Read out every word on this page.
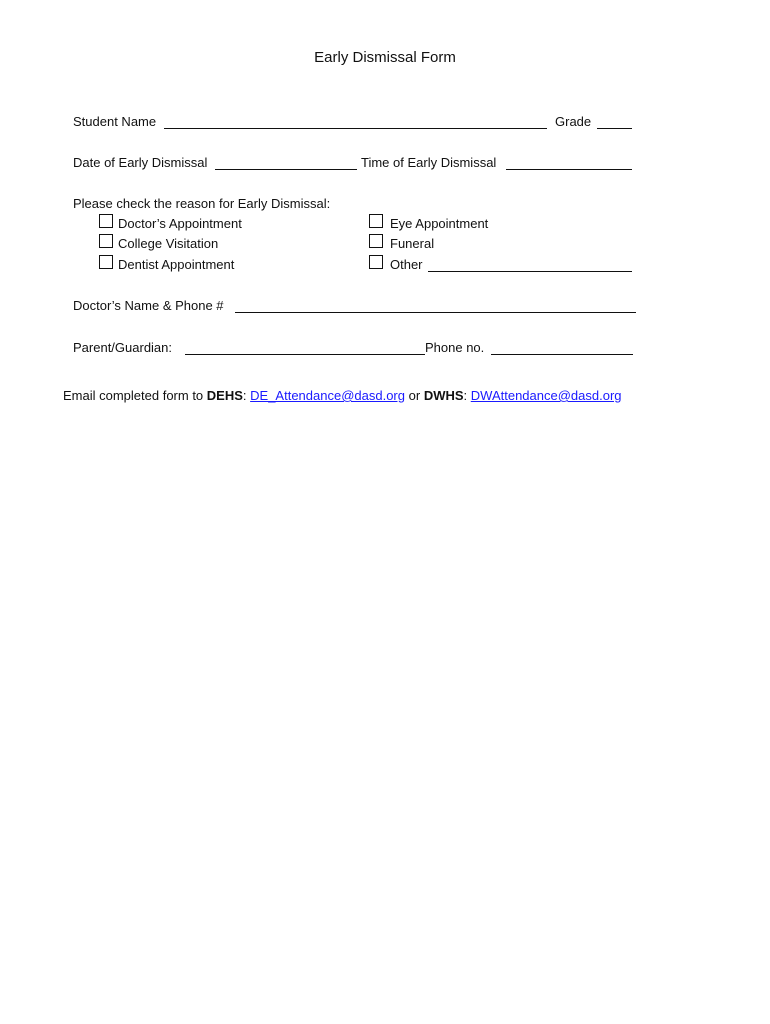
Early Dismissal Form
Student Name	Grade
Date of Early Dismissal	Time of Early Dismissal
Please check the reason for Early Dismissal:
Doctor’s Appointment
College Visitation
Dentist Appointment
Eye Appointment
Funeral
Other
Doctor’s Name & Phone #
Parent/Guardian:	Phone no.
Email completed form to DEHS: DE_Attendance@dasd.org or DWHS: DWAttendance@dasd.org
